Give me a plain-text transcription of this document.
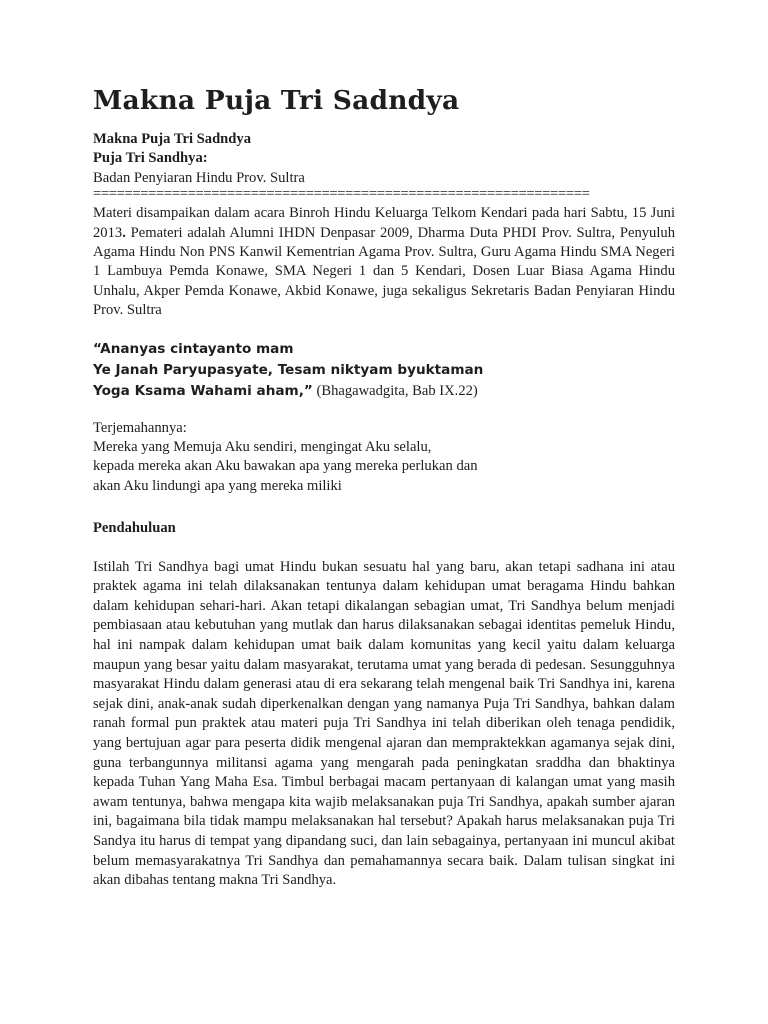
Makna Puja Tri Sadndya
Makna Puja Tri Sadndya
Puja Tri Sandhya:
Badan Penyiaran Hindu Prov. Sultra
===============================================================

Materi disampaikan dalam acara Binroh Hindu Keluarga Telkom Kendari pada hari Sabtu, 15 Juni 2013. Pemateri adalah Alumni IHDN Denpasar 2009, Dharma Duta PHDI Prov. Sultra, Penyuluh Agama Hindu Non PNS Kanwil Kementrian Agama Prov. Sultra, Guru Agama Hindu SMA Negeri 1 Lambuya Pemda Konawe, SMA Negeri 1 dan 5 Kendari, Dosen Luar Biasa Agama Hindu Unhalu, Akper Pemda Konawe, Akbid Konawe, juga sekaligus Sekretaris Badan Penyiaran Hindu Prov. Sultra

“Ananyas cintayanto mam
Ye Janah Paryupasyate, Tesam niktyam byuktaman
Yoga Ksama Wahami aham,” (Bhagawadgita, Bab IX.22)
Terjemahannya:
Mereka yang Memuja Aku sendiri, mengingat Aku selalu,
kepada mereka akan Aku bawakan apa yang mereka perlukan dan
akan Aku lindungi apa yang mereka miliki
Pendahuluan

Istilah Tri Sandhya bagi umat Hindu bukan sesuatu hal yang baru, akan tetapi sadhana ini atau praktek agama ini telah dilaksanakan tentunya dalam kehidupan umat beragama Hindu bahkan dalam kehidupan sehari-hari. Akan tetapi dikalangan sebagian umat, Tri Sandhya belum menjadi pembiasaan atau kebutuhan yang mutlak dan harus dilaksanakan sebagai identitas pemeluk Hindu, hal ini nampak dalam kehidupan umat baik dalam komunitas yang kecil yaitu dalam keluarga maupun yang besar yaitu dalam masyarakat, terutama umat yang berada di pedesan. Sesungguhnya masyarakat Hindu dalam generasi atau di era sekarang telah mengenal baik Tri Sandhya ini, karena sejak dini, anak-anak sudah diperkenalkan dengan yang namanya Puja Tri Sandhya, bahkan dalam ranah formal pun praktek atau materi puja Tri Sandhya ini telah diberikan oleh tenaga pendidik, yang bertujuan agar para peserta didik mengenal ajaran dan mempraktekkan agamanya sejak dini, guna terbangunnya militansi agama yang mengarah pada peningkatan sraddha dan bhaktinya kepada Tuhan Yang Maha Esa. Timbul berbagai macam pertanyaan di kalangan umat yang masih awam tentunya, bahwa mengapa kita wajib melaksanakan puja Tri Sandhya, apakah sumber ajaran ini, bagaimana bila tidak mampu melaksanakan hal tersebut? Apakah harus melaksanakan puja Tri Sandya itu harus di tempat yang dipandang suci, dan lain sebagainya, pertanyaan ini muncul akibat belum memasyarakatnya Tri Sandhya dan pemahamannya secara baik. Dalam tulisan singkat ini akan dibahas tentang makna Tri Sandhya.
